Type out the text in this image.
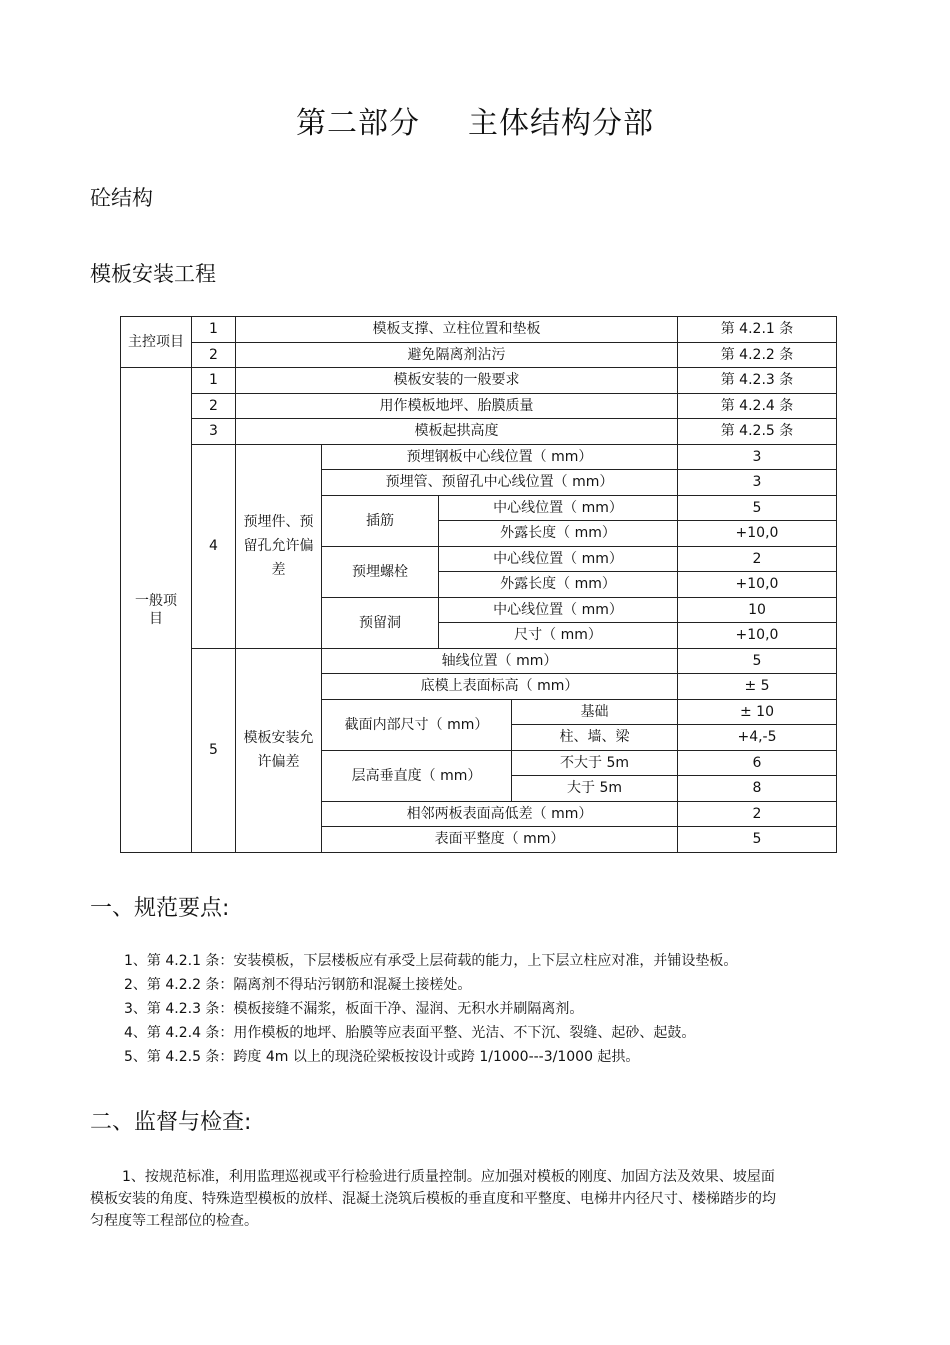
第二部分 主体结构分部
砼结构
模板安装工程
主控项目	1	模板支撑、立柱位置和垫板				第 4.2.1 条
	2	避免隔离剂沾污				第 4.2.2 条
一般项目	1	模板安装的一般要求				第 4.2.3 条
	2	用作模板地坪、胎膜质量				第 4.2.4 条
	3	模板起拱高度				第 4.2.5 条
	4	预埋件、预留孔允许偏差	预埋钢板中心线位置（ mm）			3
			预埋管、预留孔中心线位置（ mm）			3
			插筋	中心线位置（ mm）		5
				外露长度（ mm）		+10,0
			预埋螺栓	中心线位置（ mm）		2
				外露长度（ mm）		+10,0
			预留洞	中心线位置（ mm）		10
				尺寸（ mm）		+10,0
	5	模板安装允许偏差	轴线位置（ mm）			5
			底模上表面标高（ mm）			± 5
			截面内部尺寸（ mm）		基础	± 10
					柱、墙、梁	+4,-5
			层高垂直度（ mm）		不大于 5m	6
					大于 5m	8
			相邻两板表面高低差（ mm）			2
			表面平整度（ mm）			5
一、规范要点:
1、第 4.2.1 条：安装模板，下层楼板应有承受上层荷载的能力，上下层立柱应对准，并铺设垫板。
2、第 4.2.2 条：隔离剂不得玷污钢筋和混凝土接槎处。
3、第 4.2.3 条：模板接缝不漏浆，板面干净、湿润、无积水并刷隔离剂。
4、第 4.2.4 条：用作模板的地坪、胎膜等应表面平整、光洁、不下沉、裂缝、起砂、起鼓。
5、第 4.2.5 条：跨度 4m 以上的现浇砼梁板按设计或跨 1/1000---3/1000 起拱。
二、监督与检查:
1、按规范标准，利用监理巡视或平行检验进行质量控制。应加强对模板的刚度、加固方法及效果、坡屋面模板安装的角度、特殊造型模板的放样、混凝土浇筑后模板的垂直度和平整度、电梯井内径尺寸、楼梯踏步的均匀程度等工程部位的检查。
